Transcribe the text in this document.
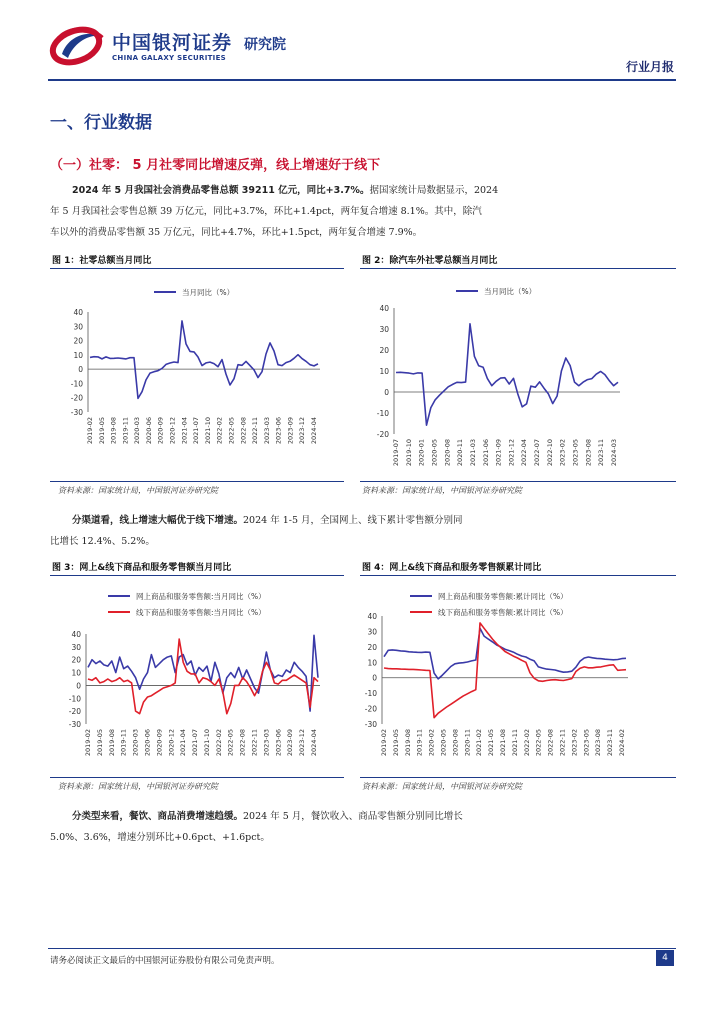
中国银河证券 研究院
CHINA GALAXY SECURITIES
行业月报
一、行业数据
（一）社零： 5 月社零同比增速反弹，线上增速好于线下
2024 年 5 月我国社会消费品零售总额 39211 亿元，同比+3.7%。据国家统计局数据显示，2024
年 5 月我国社会零售总额 39 万亿元，同比+3.7%，环比+1.4pct，两年复合增速 8.1%。其中，除汽
车以外的消费品零售额 35 万亿元，同比+4.7%，环比+1.5pct，两年复合增速 7.9%。
图 1：社零总额当月同比	图 2：除汽车外社零总额当月同比
当月同比（%）
-30
-20
-10
0
10
20
30
40
2019-02 2019-05 2019-08 2019-11 2020-03 2020-06 2020-09 2020-12 2021-04 2021-07 2021-10 2022-02 2022-05 2022-08 2022-11 2023-03 2023-06 2023-09 2023-12 2024-04
当月同比（%）
-20
-10
0
10
20
30
40
2019-07 2019-10 2020-01 2020-05 2020-08 2020-11 2021-03 2021-06 2021-09 2021-12 2022-04 2022-07 2022-10 2023-02 2023-05 2023-08 2023-11 2024-03
资料来源：国家统计局，中国银河证券研究院	资料来源：国家统计局，中国银河证券研究院
分渠道看，线上增速大幅优于线下增速。2024 年 1-5 月，全国网上、线下累计零售额分别同
比增长 12.4%、5.2%。
图 3：网上&线下商品和服务零售额当月同比	图 4：网上&线下商品和服务零售额累计同比
网上商品和服务零售额:当月同比（%）
线下商品和服务零售额:当月同比（%）
-30
-20
-10
0
10
20
30
40
2019-02 2019-05 2019-08 2019-11 2020-03 2020-06 2020-09 2020-12 2021-04 2021-07 2021-10 2022-02 2022-05 2022-08 2022-11 2023-03 2023-06 2023-09 2023-12 2024-04
网上商品和服务零售额:累计同比（%）
线下商品和服务零售额:累计同比（%）
-30
-20
-10
0
10
20
30
40
2019-02 2019-05 2019-08 2019-11 2020-02 2020-05 2020-08 2020-11 2021-02 2021-05 2021-08 2021-11 2022-02 2022-05 2022-08 2022-11 2023-02 2023-05 2023-08 2023-11 2024-02
资料来源：国家统计局，中国银河证券研究院	资料来源：国家统计局，中国银河证券研究院
分类型来看，餐饮、商品消费增速趋缓。2024 年 5 月，餐饮收入、商品零售额分别同比增长
5.0%、3.6%，增速分别环比+0.6pct、+1.6pct。
请务必阅读正文最后的中国银河证券股份有限公司免责声明。	4
